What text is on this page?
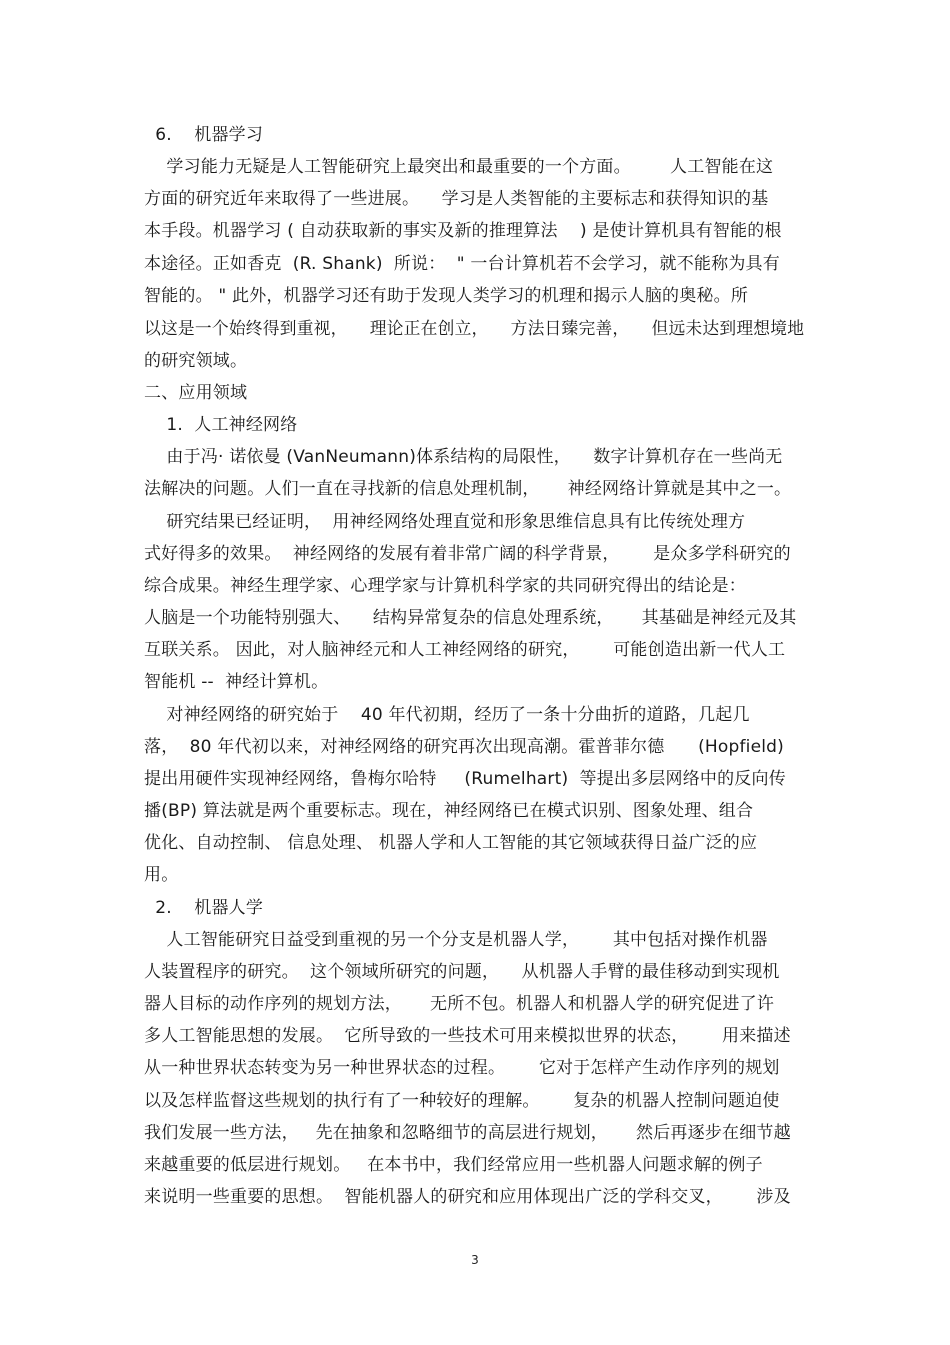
6.    机器学习
学习能力无疑是人工智能研究上最突出和最重要的一个方面。       人工智能在这
方面的研究近年来取得了一些进展。    学习是人类智能的主要标志和获得知识的基
本手段。机器学习 ( 自动获取新的事实及新的推理算法    ) 是使计算机具有智能的根
本途径。正如香克  (R. Shank)  所说：  " 一台计算机若不会学习，就不能称为具有
智能的。 " 此外，机器学习还有助于发现人类学习的机理和揭示人脑的奥秘。所
以这是一个始终得到重视，    理论正在创立，    方法日臻完善，    但远未达到理想境地
的研究领域。
二、应用领域
1.  人工神经网络
由于冯· 诺依曼 (VanNeumann)体系结构的局限性，    数字计算机存在一些尚无
法解决的问题。人们一直在寻找新的信息处理机制，     神经网络计算就是其中之一。
研究结果已经证明，  用神经网络处理直觉和形象思维信息具有比传统处理方
式好得多的效果。  神经网络的发展有着非常广阔的科学背景，      是众多学科研究的
综合成果。神经生理学家、心理学家与计算机科学家的共同研究得出的结论是：
人脑是一个功能特别强大、    结构异常复杂的信息处理系统，     其基础是神经元及其
互联关系。 因此，对人脑神经元和人工神经网络的研究，      可能创造出新一代人工
智能机 --  神经计算机。
对神经网络的研究始于    40 年代初期，经历了一条十分曲折的道路，几起几
落，  80 年代初以来，对神经网络的研究再次出现高潮。霍普菲尔德      (Hopfield)
提出用硬件实现神经网络，鲁梅尔哈特     (Rumelhart)  等提出多层网络中的反向传
播(BP) 算法就是两个重要标志。现在，神经网络已在模式识别、图象处理、组合
优化、自动控制、 信息处理、 机器人学和人工智能的其它领域获得日益广泛的应
用。
2.    机器人学
人工智能研究日益受到重视的另一个分支是机器人学，      其中包括对操作机器
人装置程序的研究。  这个领域所研究的问题，    从机器人手臂的最佳移动到实现机
器人目标的动作序列的规划方法，     无所不包。机器人和机器人学的研究促进了许
多人工智能思想的发展。  它所导致的一些技术可用来模拟世界的状态，      用来描述
从一种世界状态转变为另一种世界状态的过程。      它对于怎样产生动作序列的规划
以及怎样监督这些规划的执行有了一种较好的理解。      复杂的机器人控制问题迫使
我们发展一些方法，   先在抽象和忽略细节的高层进行规划，     然后再逐步在细节越
来越重要的低层进行规划。   在本书中，我们经常应用一些机器人问题求解的例子
来说明一些重要的思想。  智能机器人的研究和应用体现出广泛的学科交叉，      涉及
3
